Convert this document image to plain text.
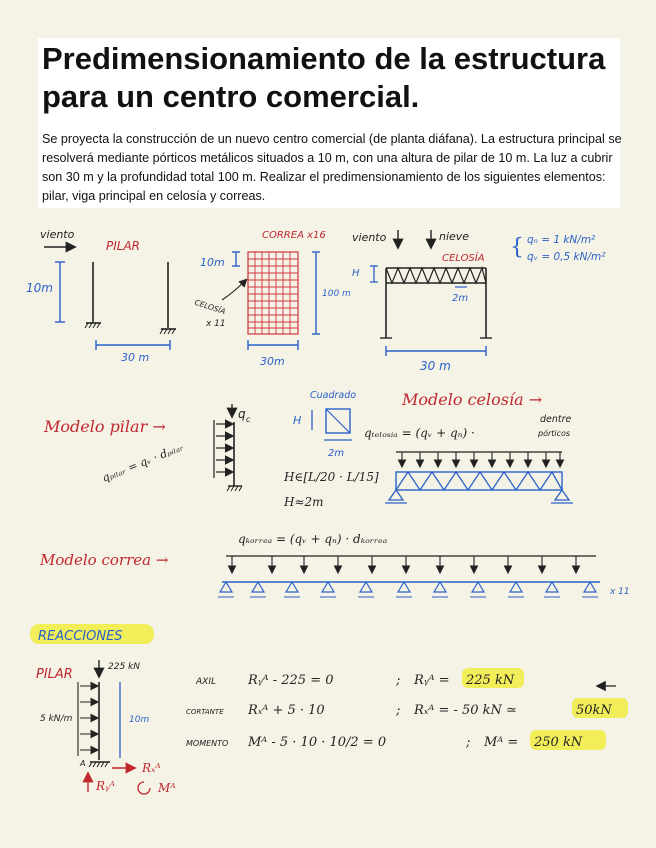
Predimensionamiento de la estructura para un centro comercial.

Se proyecta la construcción de un nuevo centro comercial (de planta diáfana). La estructura principal se resolverá mediante pórticos metálicos situados a 10 m, con una altura de pilar de 10 m. La luz a cubrir son 30 m y la profundidad total 100 m. Realizar el predimensionamiento de los siguientes elementos: pilar, viga principal en celosía y correas.

viento
PILAR
10m
30 m
CORREA x16
10m
100 m
CELOSÍA
x 11
30m
viento	nieve
CELOSÍA
H
2m
30 m
{ qₙ = 1 kN/m²
qᵥ = 0,5 kN/m²
Modelo pilar →
q c
qₚᵢₗₐᵣ = qᵥ · dₚᵢₗₐᵣ
Cuadrado
H
2m
H∈[L/20 · L/15]
H≈2m
Modelo celosía →
qₜₑₗₒₛᵢₐ = (qᵥ + qₙ) ·
dentre
pórticos
Modelo correa →
qₖₒᵣᵣₑₐ = (qᵥ + qₙ) · dₖₒᵣᵣₑₐ
x 11
REACCIONES
PILAR	225 kN
5 kN/m	10m
A	Rₓᴬ
Rᵧᴬ	Mᴬ
AXIL Rᵧᴬ - 225 = 0	; Rᵧᴬ = 225 kN
CORTANTE Rₓᴬ + 5 · 10	; Rₓᴬ = - 50 kN ≃	50kN
MOMENTO Mᴬ - 5 · 10 · 10/2 = 0	; Mᴬ = 250 kN
